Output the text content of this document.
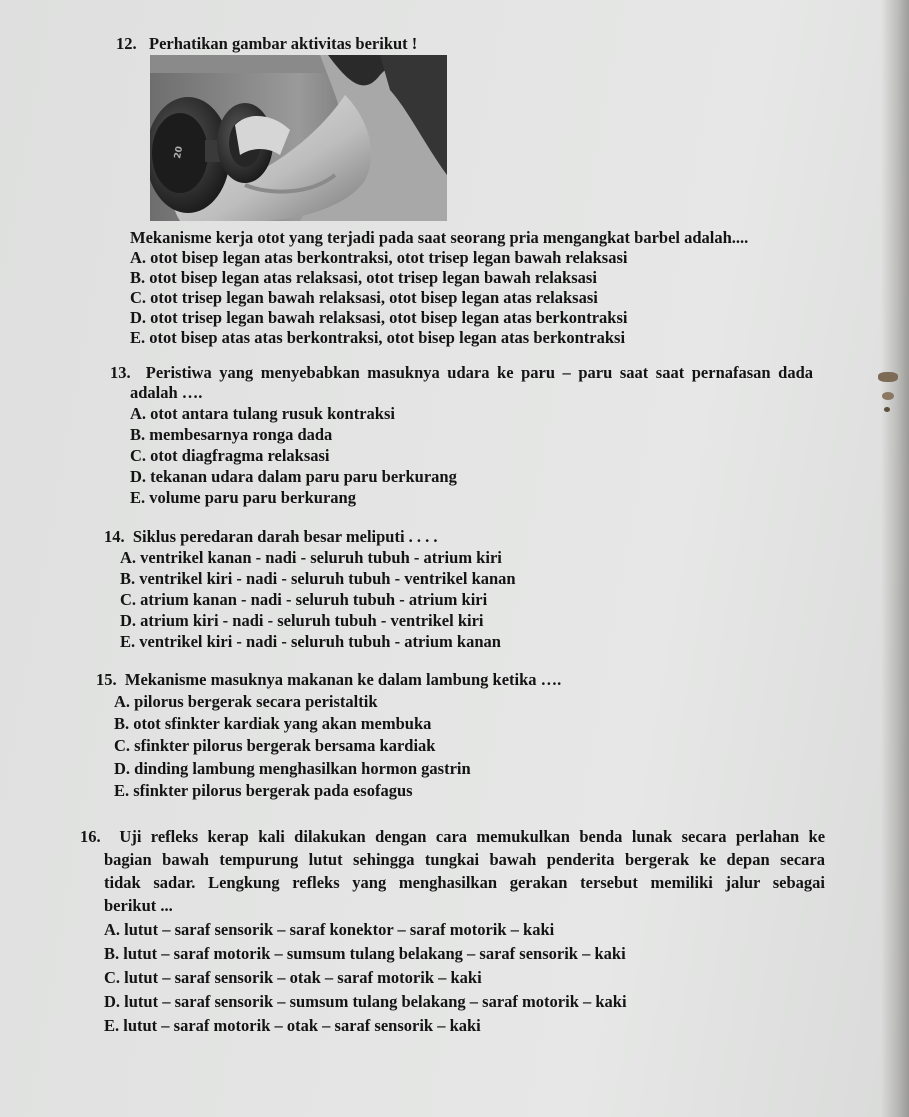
12. Perhatikan gambar aktivitas berikut !
20
Mekanisme kerja otot yang terjadi pada saat seorang pria mengangkat barbel adalah....
A. otot bisep legan atas berkontraksi, otot trisep legan bawah relaksasi
B. otot bisep legan atas relaksasi, otot trisep legan bawah relaksasi
C. otot trisep legan bawah relaksasi, otot bisep legan atas relaksasi
D. otot trisep legan bawah relaksasi, otot bisep legan atas berkontraksi
E. otot bisep atas atas berkontraksi, otot bisep legan atas berkontraksi
13. Peristiwa yang menyebabkan masuknya udara ke paru – paru saat saat pernafasan dada
adalah ….
A. otot antara tulang rusuk kontraksi
B. membesarnya ronga dada
C. otot diagfragma relaksasi
D. tekanan udara dalam paru paru berkurang
E. volume paru paru berkurang
14. Siklus peredaran darah besar meliputi . . . .
A. ventrikel kanan - nadi - seluruh tubuh - atrium kiri
B. ventrikel kiri - nadi - seluruh tubuh - ventrikel kanan
C. atrium kanan - nadi - seluruh tubuh - atrium kiri
D. atrium kiri - nadi - seluruh tubuh - ventrikel kiri
E. ventrikel kiri - nadi - seluruh tubuh - atrium kanan
15. Mekanisme masuknya makanan ke dalam lambung ketika ….
A. pilorus bergerak secara peristaltik
B. otot sfinkter kardiak yang akan membuka
C. sfinkter pilorus bergerak bersama kardiak
D. dinding lambung menghasilkan hormon gastrin
E. sfinkter pilorus bergerak pada esofagus
16. Uji refleks kerap kali dilakukan dengan cara memukulkan benda lunak secara perlahan ke
bagian bawah tempurung lutut sehingga tungkai bawah penderita bergerak ke depan secara
tidak sadar. Lengkung refleks yang menghasilkan gerakan tersebut memiliki jalur sebagai
berikut ...
A. lutut – saraf sensorik – saraf konektor – saraf motorik – kaki
B. lutut – saraf motorik – sumsum tulang belakang – saraf sensorik – kaki
C. lutut – saraf sensorik – otak – saraf motorik – kaki
D. lutut – saraf sensorik – sumsum tulang belakang – saraf motorik – kaki
E. lutut – saraf motorik – otak – saraf sensorik – kaki
